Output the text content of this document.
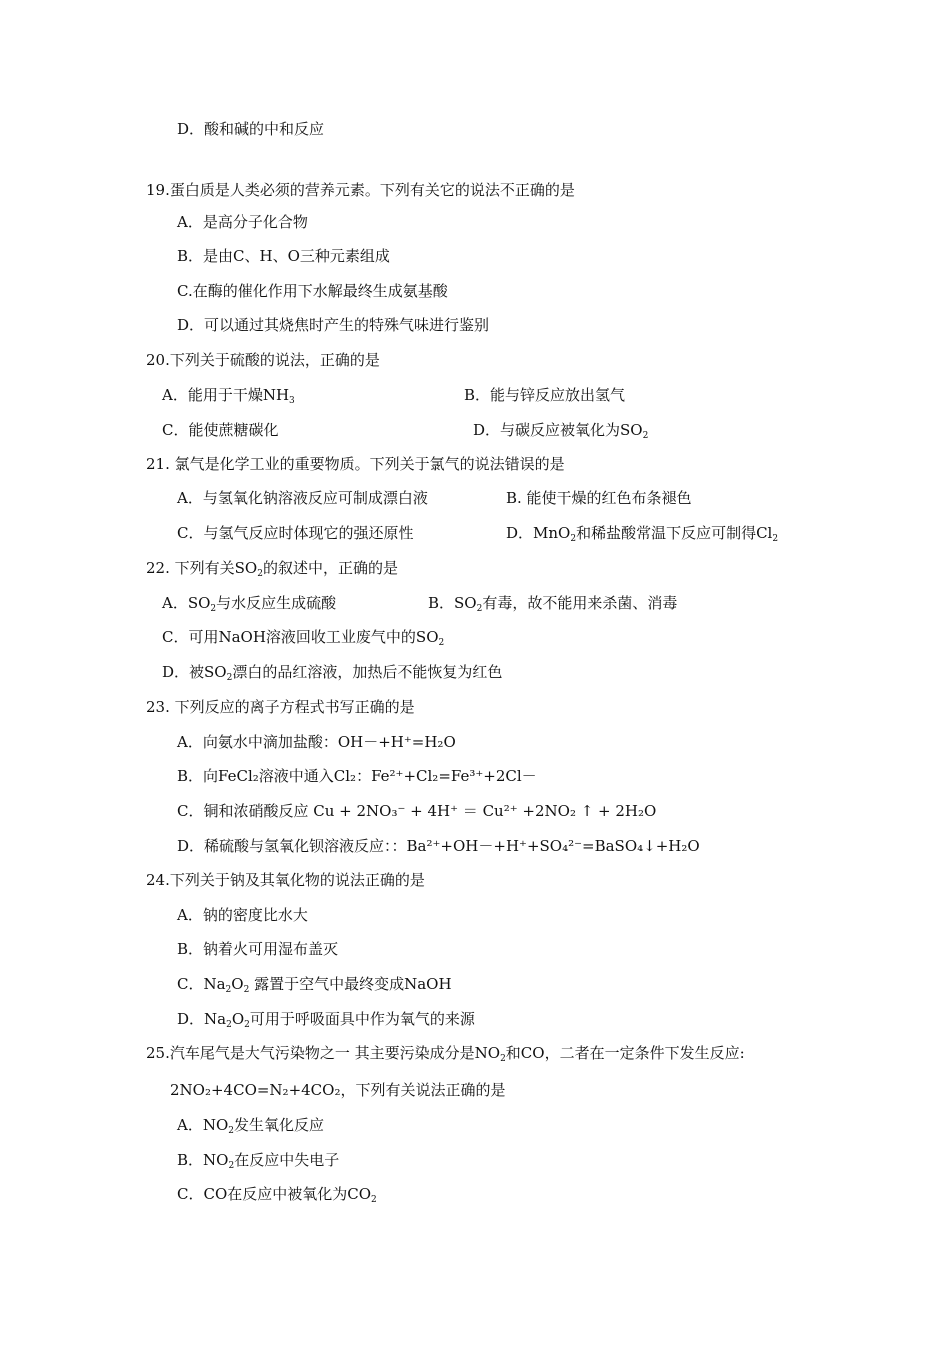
D．酸和碱的中和反应
19.蛋白质是人类必须的营养元素。下列有关它的说法不正确的是
A．是高分子化合物
B．是由C、H、O三种元素组成
C.在酶的催化作用下水解最终生成氨基酸
D．可以通过其烧焦时产生的特殊气味进行鉴别
20.下列关于硫酸的说法，正确的是
A．能用于干燥$NH_3$	B．能与锌反应放出氢气
C．能使蔗糖碳化	D．与碳反应被氧化为$SO_2$
21. 氯气是化学工业的重要物质。下列关于氯气的说法错误的是
A．与氢氧化钠溶液反应可制成漂白液	B. 能使干燥的红色布条褪色
C．与氢气反应时体现它的强还原性	D．MnO$_2$和稀盐酸常温下反应可制得$Cl_2$
22. 下列有关$SO_2$的叙述中，正确的是
A．$SO_2$与水反应生成硫酸	B．$SO_2$有毒，故不能用来杀菌、消毒
C．可用NaOH溶液回收工业废气中的$SO_2$
D．被$SO_2$漂白的品红溶液，加热后不能恢复为红色
23. 下列反应的离子方程式书写正确的是
A．向氨水中滴加盐酸：OH－+H⁺=H₂O
B．向FeCl₂溶液中通入Cl₂：Fe²⁺+Cl₂=Fe³⁺+2Cl－
C．铜和浓硝酸反应 Cu + 2NO₃⁻ + 4H⁺ ＝ Cu²⁺ +2NO₂ ↑ + 2H₂O
D．稀硫酸与氢氧化钡溶液反应：：Ba²⁺+OH－+H⁺+SO₄²⁻=BaSO₄↓+H₂O
24.下列关于钠及其氧化物的说法正确的是
A．钠的密度比水大
B．钠着火可用湿布盖灭
C．$Na_2O_2$ 露置于空气中最终变成NaOH
D．$Na_2O_2$可用于呼吸面具中作为氧气的来源
25.汽车尾气是大气污染物之一 其主要污染成分是$NO_2$和CO，二者在一定条件下发生反应:
2NO₂+4CO=N₂+4CO₂，下列有关说法正确的是
A．$NO_2$发生氧化反应
B．$NO_2$在反应中失电子
C．CO在反应中被氧化为$CO_2$
